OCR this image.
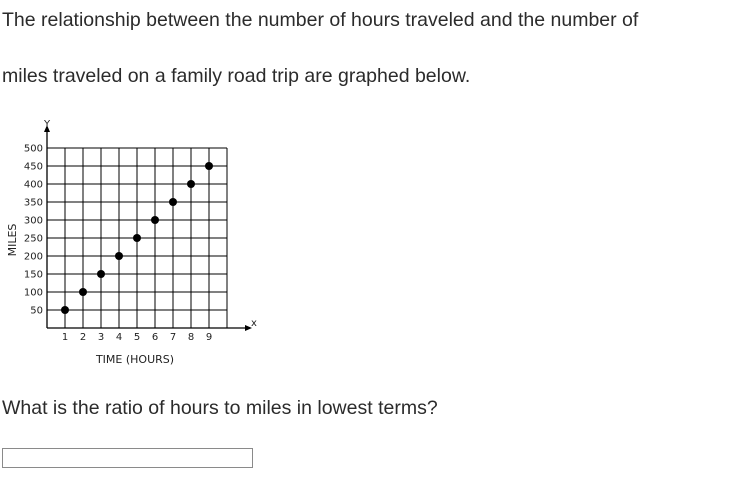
The relationship between the number of hours traveled and the number of
miles traveled on a family road trip are graphed below.
1 2 3 4 5 6 7 8 9
50
100
150
200
250
300
350
400
450
500
TIME (HOURS)
MILES
x
Y
What is the ratio of hours to miles in lowest terms?
